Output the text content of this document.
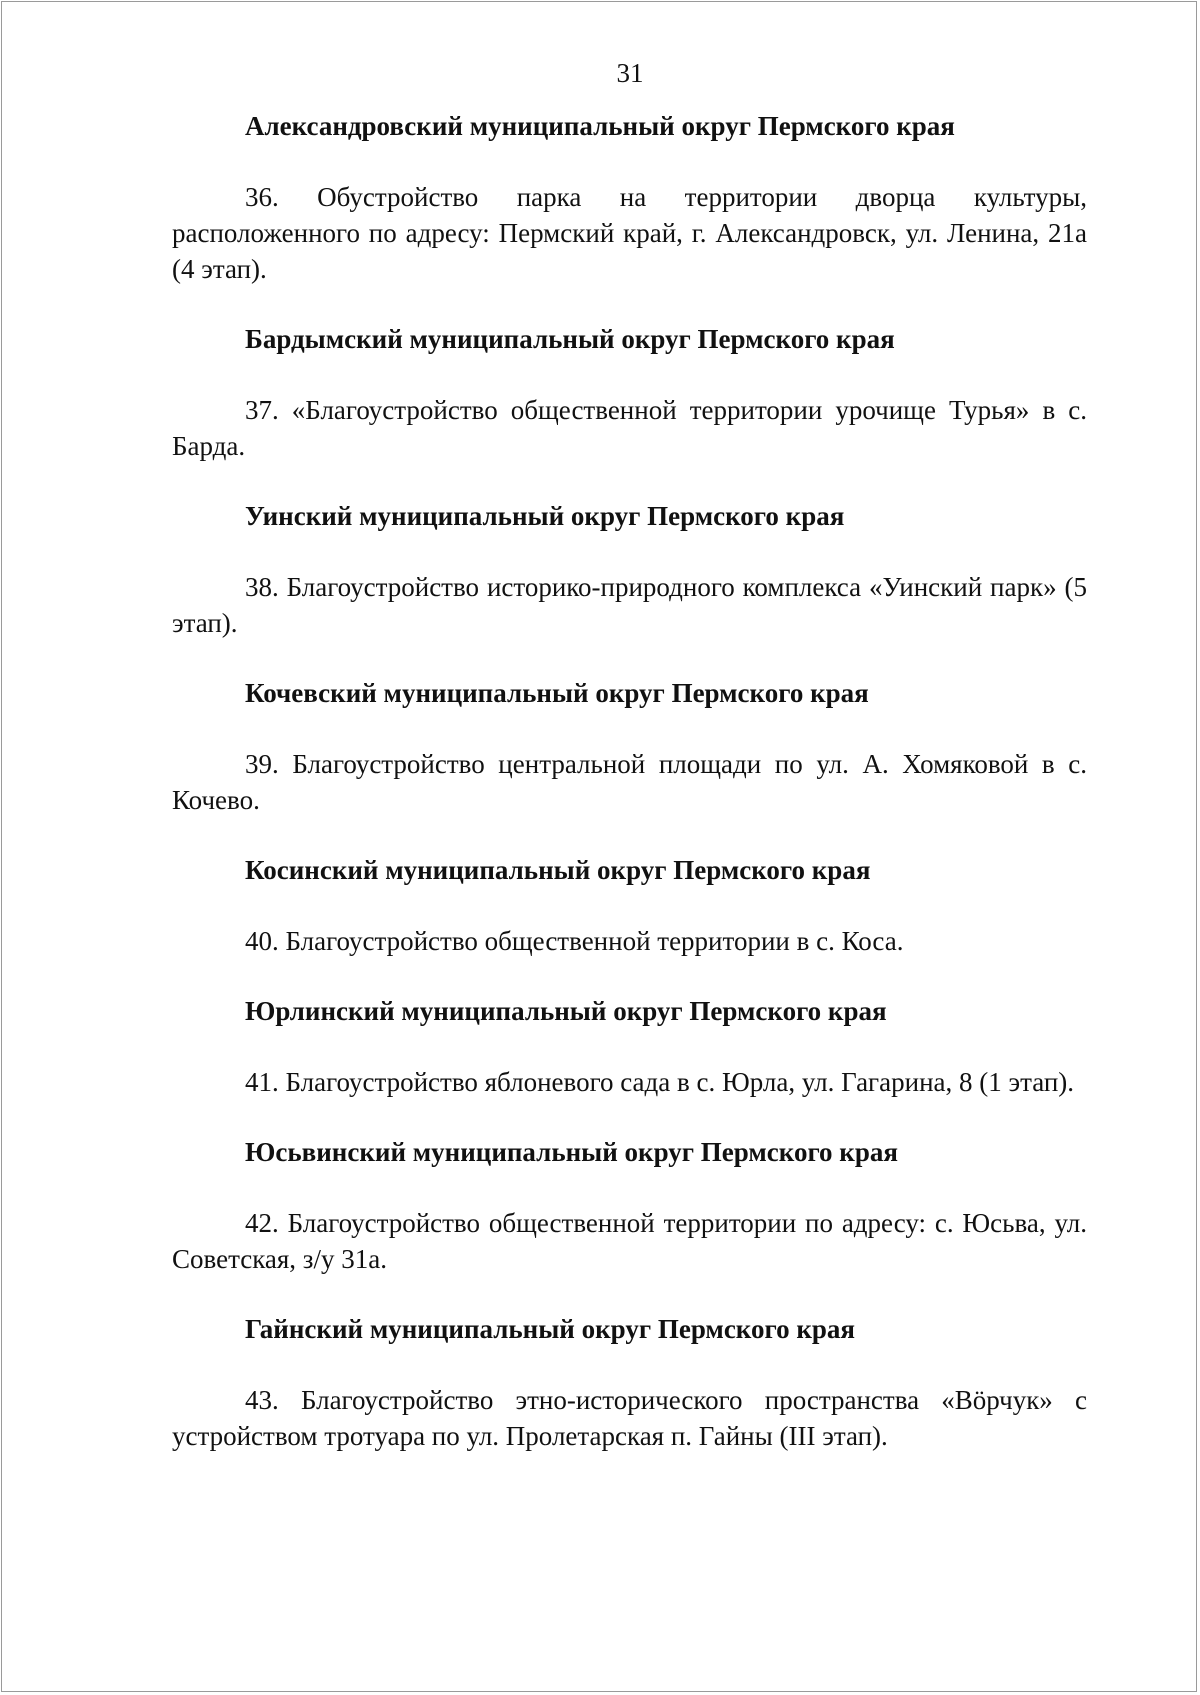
31
Александровский муниципальный округ Пермского края

36. Обустройство парка на территории дворца культуры, расположенного по адресу: Пермский край, г. Александровск, ул. Ленина, 21а (4 этап).

Бардымский муниципальный округ Пермского края

37. «Благоустройство общественной территории урочище Турья» в с. Барда.

Уинский муниципальный округ Пермского края

38. Благоустройство историко-природного комплекса «Уинский парк» (5 этап).

Кочевский муниципальный округ Пермского края

39. Благоустройство центральной площади по ул. А. Хомяковой в с. Кочево.

Косинский муниципальный округ Пермского края

40. Благоустройство общественной территории в с. Коса.

Юрлинский муниципальный округ Пермского края

41. Благоустройство яблоневого сада в с. Юрла, ул. Гагарина, 8 (1 этап).

Юсьвинский муниципальный округ Пермского края

42. Благоустройство общественной территории по адресу: с. Юсьва, ул. Советская, з/у 31а.

Гайнский муниципальный округ Пермского края

43. Благоустройство этно-исторического пространства «Вӧрчук» с устройством тротуара по ул. Пролетарская п. Гайны (III этап).
